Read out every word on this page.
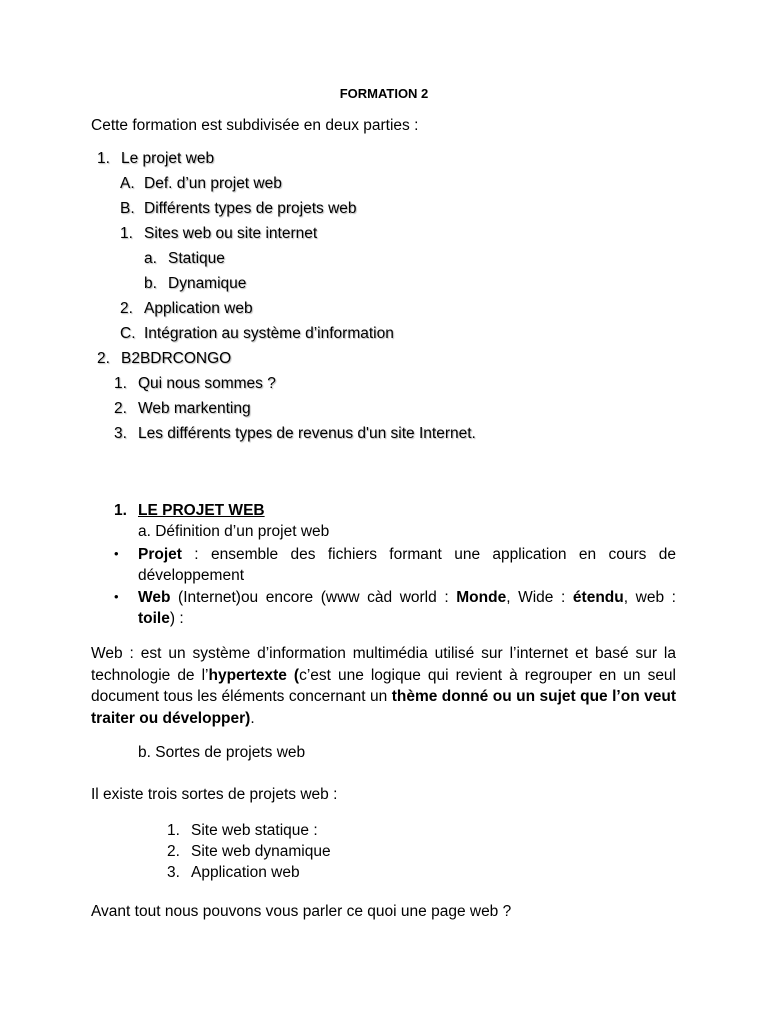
FORMATION 2
Cette formation est subdivisée en deux parties :
1. Le projet web
A. Def. d’un projet web
B. Différents types de projets web
1. Sites web ou site internet
a. Statique
b. Dynamique
2. Application web
C. Intégration au système d’information
2. B2BDRCONGO
1. Qui nous sommes ?
2. Web markenting
3. Les différents types de revenus d'un site Internet.
1. LE PROJET WEB
a. Définition d’un projet web
• Projet : ensemble des fichiers formant une application en cours de développement
• Web (Internet)ou encore (www càd world : Monde, Wide : étendu, web : toile) :
Web : est un système d’information multimédia utilisé sur l’internet et basé sur la technologie de l’hypertexte (c’est une logique qui revient à regrouper en un seul document tous les éléments concernant un thème donné ou un sujet que l’on veut traiter ou développer).
b. Sortes de projets web
Il existe trois sortes de projets web :
1. Site web statique :
2. Site web dynamique
3. Application web
Avant tout nous pouvons vous parler ce quoi une page web ?
